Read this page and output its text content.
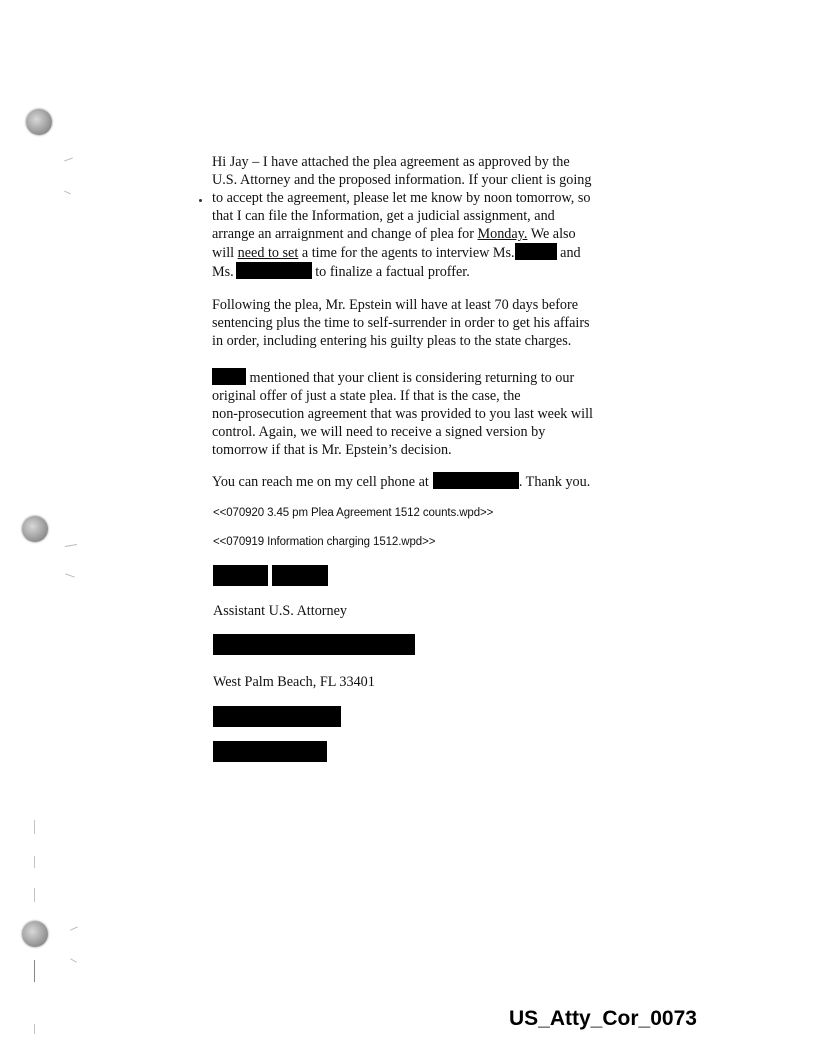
Hi Jay – I have attached the plea agreement as approved by the
U.S. Attorney and the proposed information. If your client is going
to accept the agreement, please let me know by noon tomorrow, so
that I can file the Information, get a judicial assignment, and
arrange an arraignment and change of plea for Monday. We also
will need to set a time for the agents to interview Ms.	and
Ms.	to finalize a factual proffer.
Following the plea, Mr. Epstein will have at least 70 days before
sentencing plus the time to self-surrender in order to get his affairs
in order, including entering his guilty pleas to the state charges.
mentioned that your client is considering returning to our
original offer of just a state plea. If that is the case, the
non-prosecution agreement that was provided to you last week will
control. Again, we will need to receive a signed version by
tomorrow if that is Mr. Epstein’s decision.
You can reach me on my cell phone at	. Thank you.
<<070920 3.45 pm Plea Agreement 1512 counts.wpd>>
<<070919 Information charging 1512.wpd>>
Assistant U.S. Attorney
West Palm Beach, FL 33401
US_Atty_Cor_0073
